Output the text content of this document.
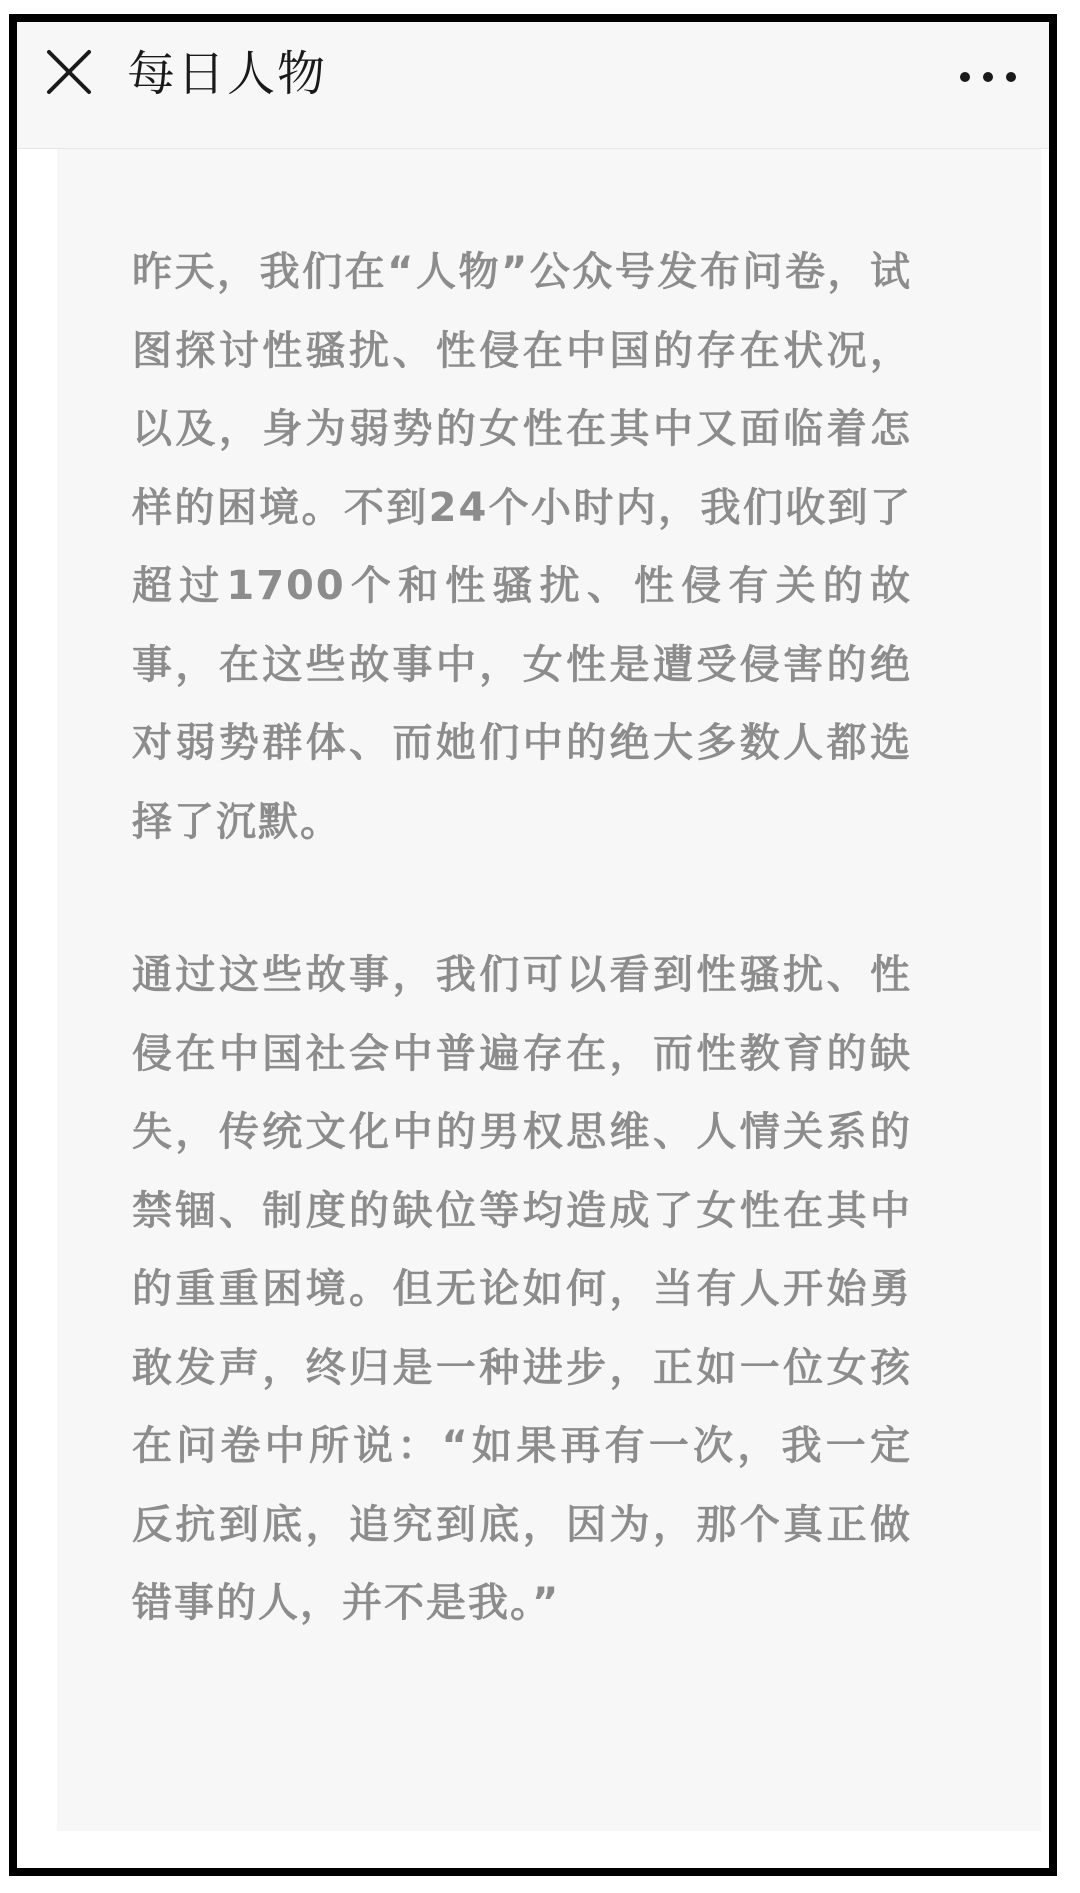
每日人物

昨天，我们在“人物”公众号发布问卷，试图探讨性骚扰、性侵在中国的存在状况，以及，身为弱势的女性在其中又面临着怎样的困境。不到24个小时内，我们收到了超过1700个和性骚扰、性侵有关的故事，在这些故事中，女性是遭受侵害的绝对弱势群体、而她们中的绝大多数人都选择了沉默。

通过这些故事，我们可以看到性骚扰、性侵在中国社会中普遍存在，而性教育的缺失，传统文化中的男权思维、人情关系的禁锢、制度的缺位等均造成了女性在其中的重重困境。但无论如何，当有人开始勇敢发声，终归是一种进步，正如一位女孩在问卷中所说：“如果再有一次，我一定反抗到底，追究到底，因为，那个真正做错事的人，并不是我。”
